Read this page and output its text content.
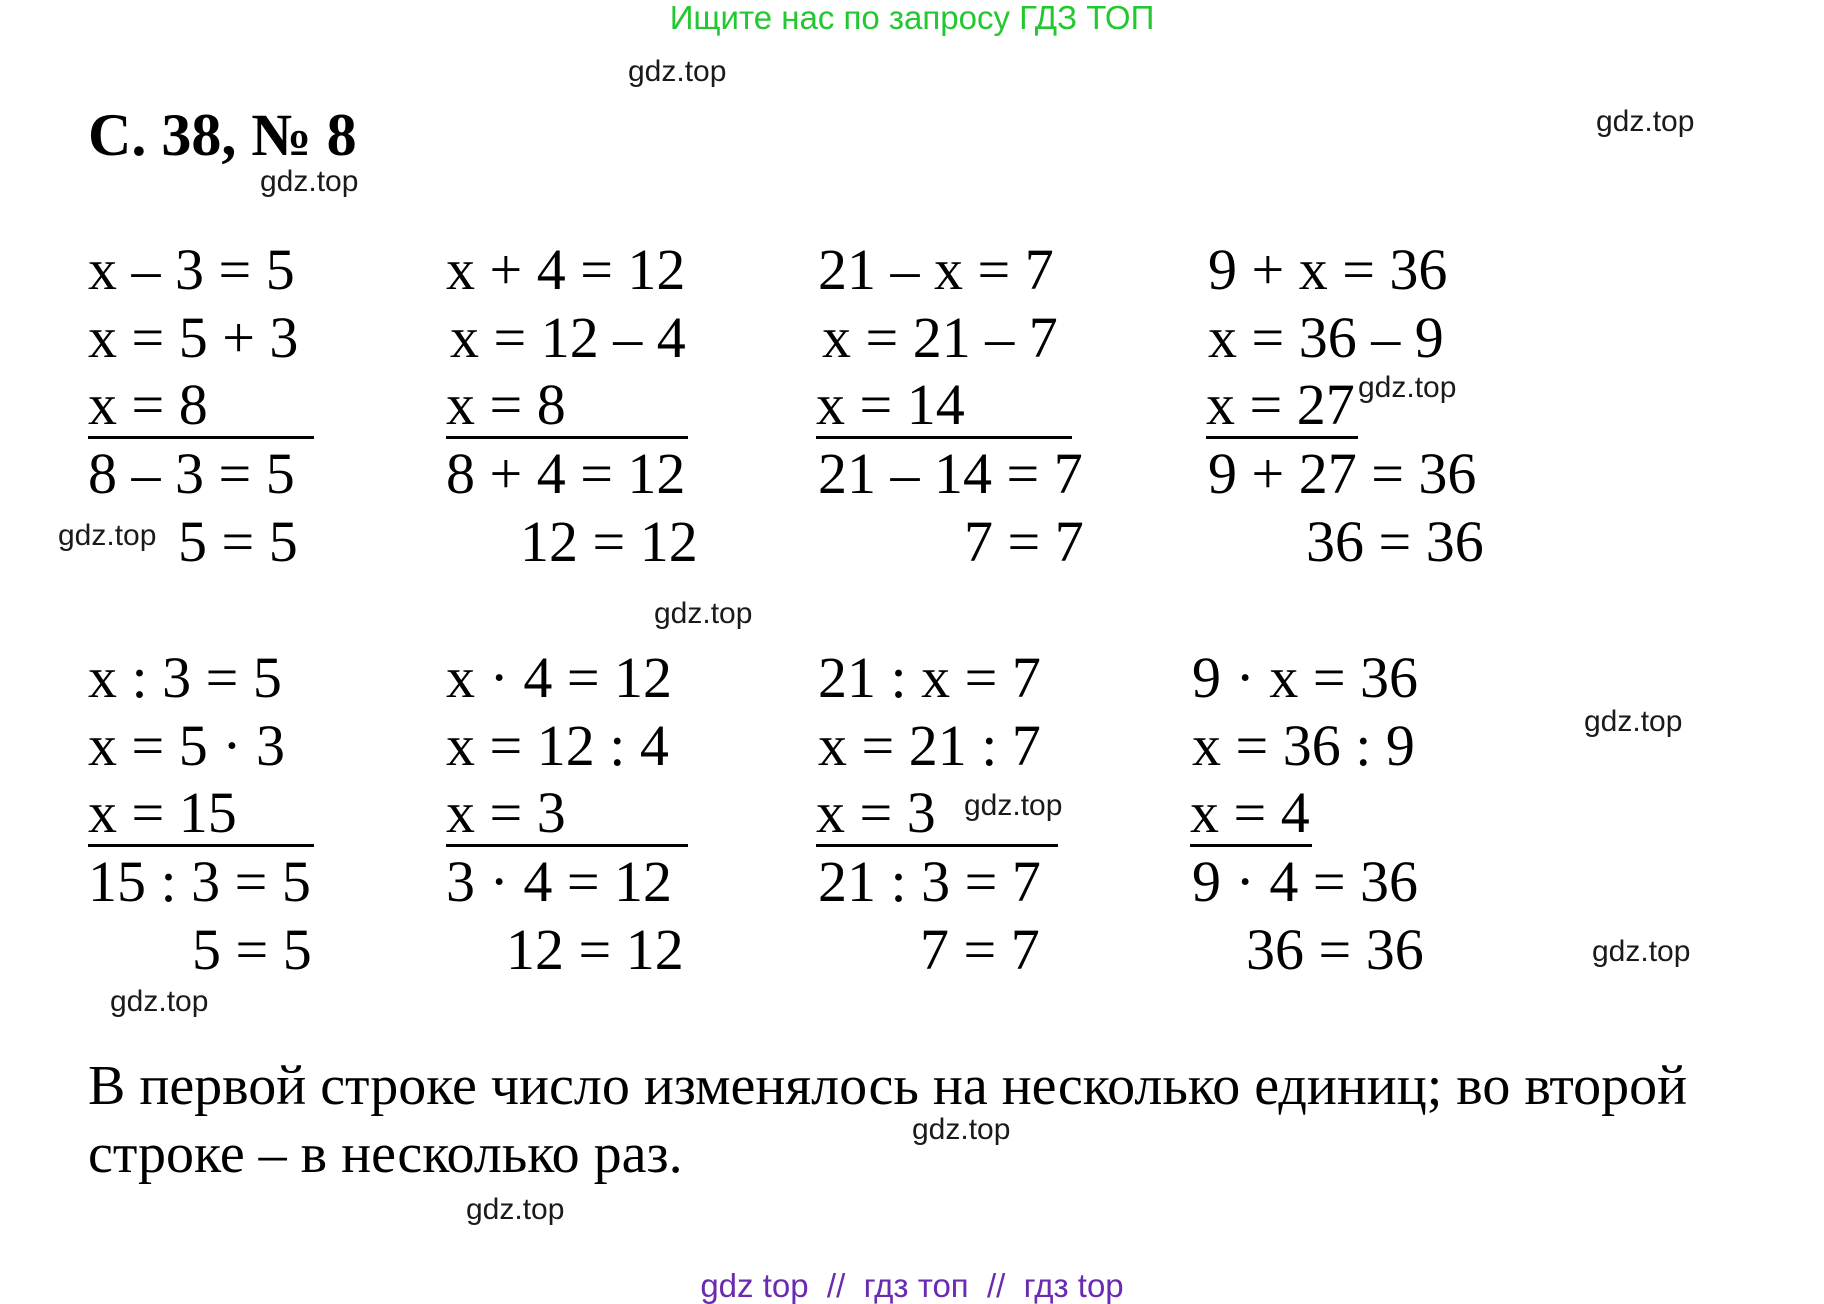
Ищите нас по запросу ГДЗ ТОП
С. 38, № 8
x – 3 = 5
x = 5 + 3
x = 8
8 – 3 = 5
5 = 5
x + 4 = 12
x = 12 – 4
x = 8
8 + 4 = 12
12 = 12
21 – x = 7
x = 21 – 7
x = 14
21 – 14 = 7
7 = 7
9 + x = 36
x = 36 – 9
x = 27
9 + 27 = 36
36 = 36
x : 3 = 5
x = 5 · 3
x = 15
15 : 3 = 5
5 = 5
x · 4 = 12
x = 12 : 4
x = 3
3 · 4 = 12
12 = 12
21 : x = 7
x = 21 : 7
x = 3
21 : 3 = 7
7 = 7
9 · x = 36
x = 36 : 9
x = 4
9 · 4 = 36
36 = 36
В первой строке число изменялось на несколько единиц; во второй строке – в несколько раз.
gdz.top
gdz.top
gdz.top
gdz.top
gdz.top
gdz.top
gdz.top
gdz.top
gdz.top
gdz.top
gdz.top
gdz.top
gdz top  //  гдз топ  //  гдз top
